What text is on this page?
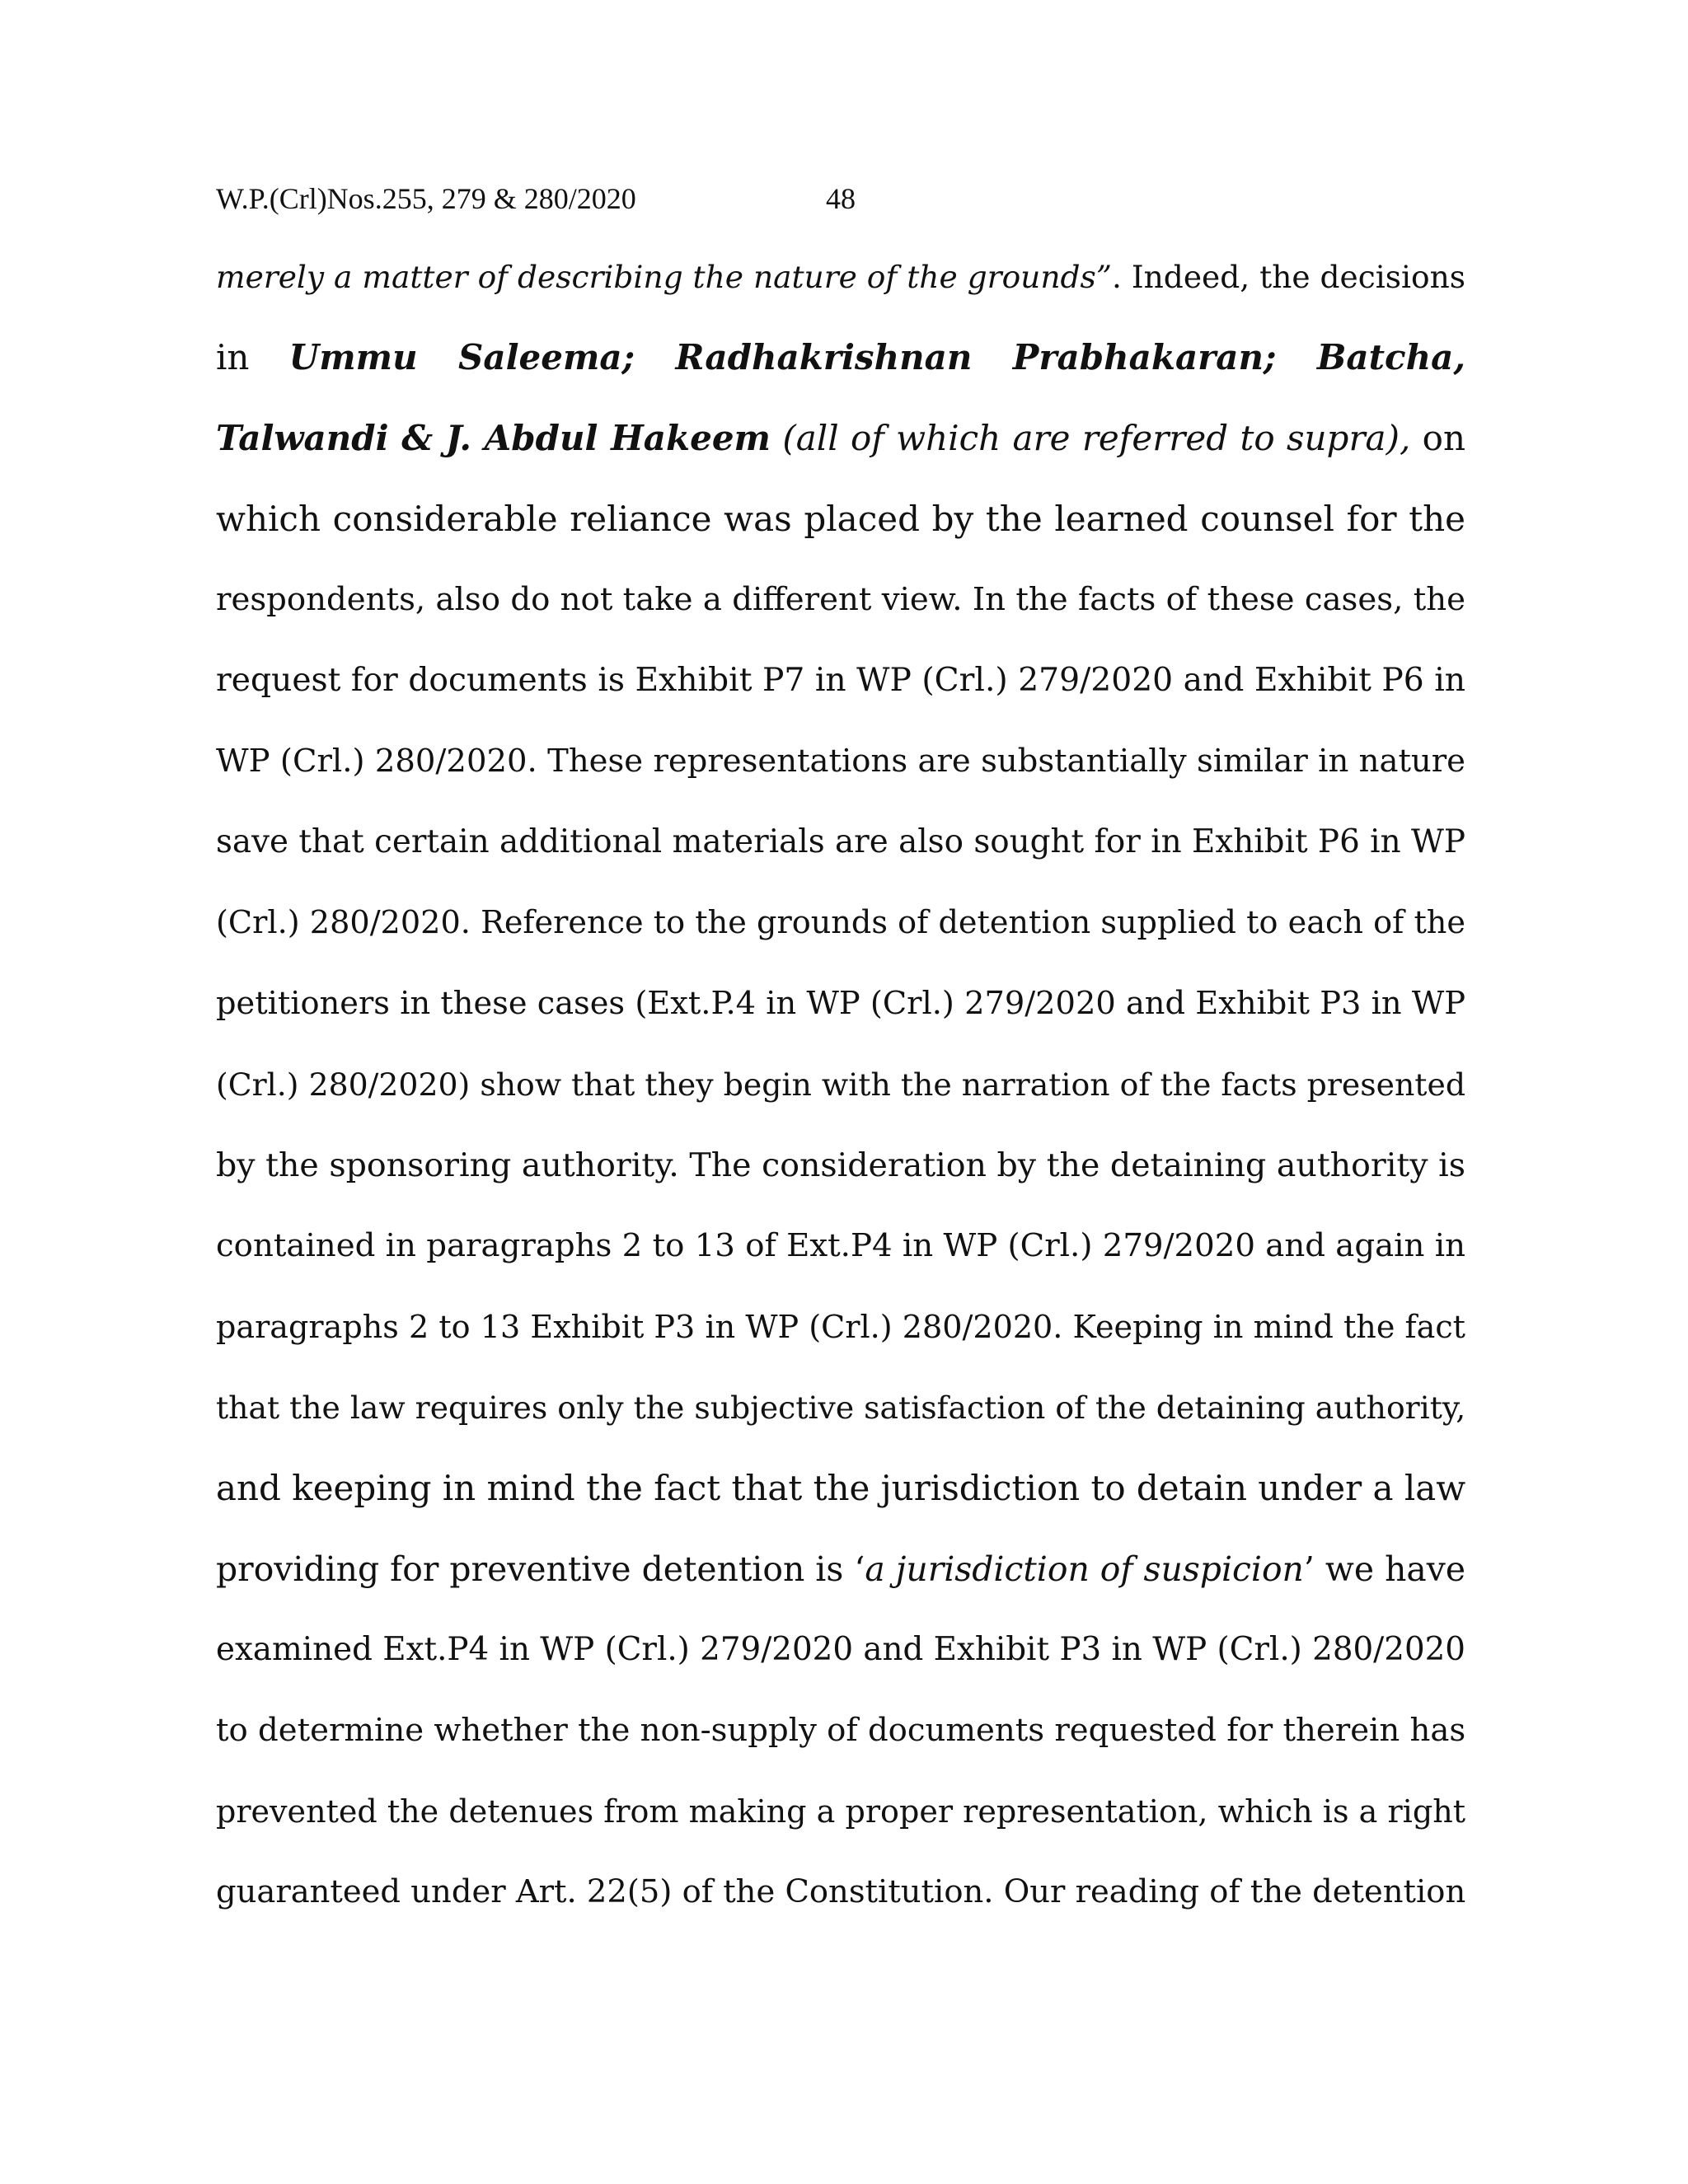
W.P.(Crl)Nos.255, 279 & 280/2020	48
merely a matter of describing the nature of the grounds”. Indeed, the decisions
in Ummu Saleema; Radhakrishnan Prabhakaran; Batcha,
Talwandi & J. Abdul Hakeem (all of which are referred to supra), on
which considerable reliance was placed by the learned counsel for the
respondents, also do not take a different view. In the facts of these cases, the
request for documents is Exhibit P7 in WP (Crl.) 279/2020 and Exhibit P6 in
WP (Crl.) 280/2020. These representations are substantially similar in nature
save that certain additional materials are also sought for in Exhibit P6 in WP
(Crl.) 280/2020. Reference to the grounds of detention supplied to each of the
petitioners in these cases (Ext.P.4 in WP (Crl.) 279/2020 and Exhibit P3 in WP
(Crl.) 280/2020) show that they begin with the narration of the facts presented
by the sponsoring authority. The consideration by the detaining authority is
contained in paragraphs 2 to 13 of Ext.P4 in WP (Crl.) 279/2020 and again in
paragraphs 2 to 13 Exhibit P3 in WP (Crl.) 280/2020. Keeping in mind the fact
that the law requires only the subjective satisfaction of the detaining authority,
and keeping in mind the fact that the jurisdiction to detain under a law
providing for preventive detention is ‘a jurisdiction of suspicion’ we have
examined Ext.P4 in WP (Crl.) 279/2020 and Exhibit P3 in WP (Crl.) 280/2020
to determine whether the non-supply of documents requested for therein has
prevented the detenues from making a proper representation, which is a right
guaranteed under Art. 22(5) of the Constitution. Our reading of the detention
